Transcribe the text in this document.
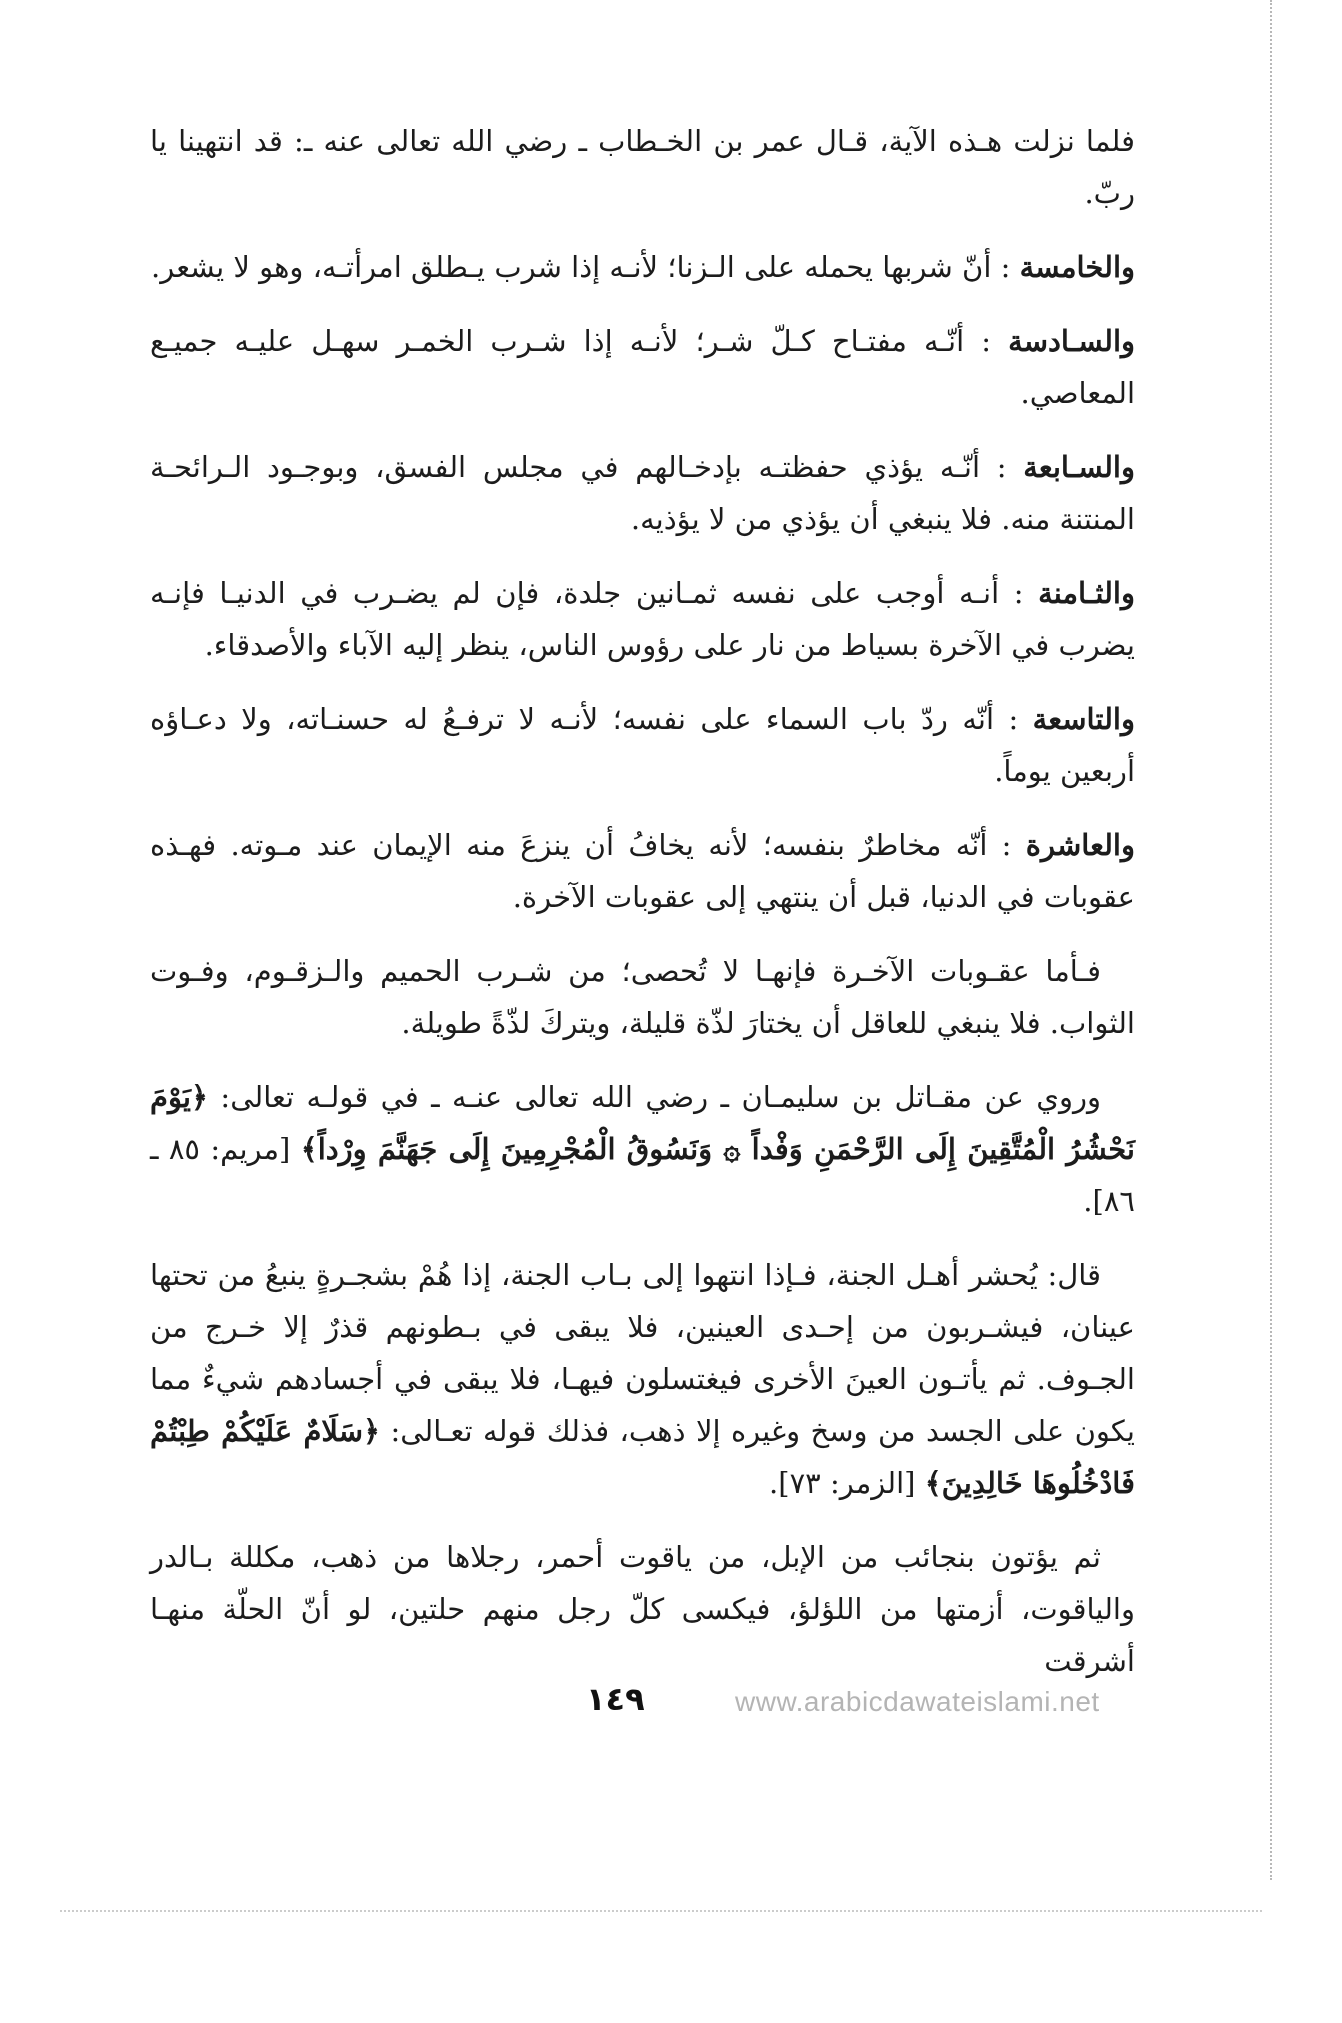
فلما نزلت هـذه الآية، قـال عمر بن الخـطاب ـ رضي الله تعالى عنه ـ: قد انتهينا يا ربّ.

والخامسة : أنّ شربها يحمله على الـزنا؛ لأنـه إذا شرب يـطلق امرأتـه، وهو لا يشعر.

والسـادسة : أنّـه مفتـاح كـلّ شـر؛ لأنـه إذا شـرب الخمـر سهـل عليـه جميـع المعاصي.

والسـابعة : أنّـه يؤذي حفظتـه بإدخـالهم في مجلس الفسق، وبوجـود الـرائحـة المنتنة منه. فلا ينبغي أن يؤذي من لا يؤذيه.

والثـامنة : أنـه أوجب على نفسه ثمـانين جلدة، فإن لم يضـرب في الدنيـا فإنـه يضرب في الآخرة بسياط من نار على رؤوس الناس، ينظر إليه الآباء والأصدقاء.

والتاسعة : أنّه ردّ باب السماء على نفسه؛ لأنـه لا ترفـعُ له حسنـاته، ولا دعـاؤه أربعين يوماً.

والعاشرة : أنّه مخاطرٌ بنفسه؛ لأنه يخافُ أن ينزعَ منه الإيمان عند مـوته. فهـذه عقوبات في الدنيا، قبل أن ينتهي إلى عقوبات الآخرة.

فـأما عقـوبات الآخـرة فإنهـا لا تُحصى؛ من شـرب الحميم والـزقـوم، وفـوت الثواب. فلا ينبغي للعاقل أن يختارَ لذّة قليلة، ويتركَ لذّةً طويلة.

وروي عن مقـاتل بن سليمـان ـ رضي الله تعالى عنـه ـ في قولـه تعالى: ﴿يَوْمَ نَحْشُرُ الْمُتَّقِينَ إِلَى الرَّحْمَنِ وَفْداً ۞ وَنَسُوقُ الْمُجْرِمِينَ إِلَى جَهَنَّمَ وِرْداً﴾ [مريم: ٨٥ ـ ٨٦].

قال: يُحشر أهـل الجنة، فـإذا انتهوا إلى بـاب الجنة، إذا هُمْ بشجـرةٍ ينبعُ من تحتها عينان، فيشـربون من إحـدى العينين، فلا يبقى في بـطونهم قذرٌ إلا خـرج من الجـوف. ثم يأتـون العينَ الأخرى فيغتسلون فيهـا، فلا يبقى في أجسادهم شيءٌ مما يكون على الجسد من وسخ وغيره إلا ذهب، فذلك قوله تعـالى: ﴿سَلَامٌ عَلَيْكُمْ طِبْتُمْ فَادْخُلُوهَا خَالِدِينَ﴾ [الزمر: ٧٣].

ثم يؤتون بنجائب من الإبل، من ياقوت أحمر، رجلاها من ذهب، مكللة بـالدر والياقوت، أزمتها من اللؤلؤ، فيكسى كلّ رجل منهم حلتين، لو أنّ الحلّة منهـا أشرقت

١٤٩	www.arabicdawateislami.net
